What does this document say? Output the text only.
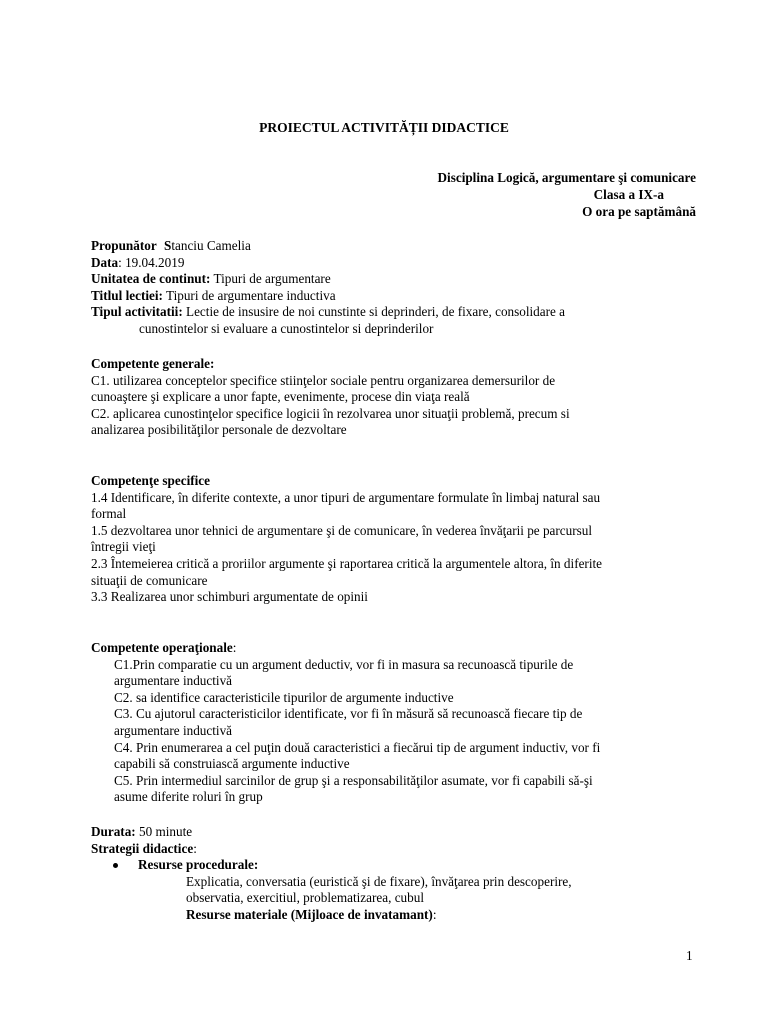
PROIECTUL ACTIVITĂȚII DIDACTICE
Disciplina Logică, argumentare şi comunicare
Clasa a IX-a
O ora pe saptămână
Propunător Stanciu Camelia
Data: 19.04.2019
Unitatea de continut: Tipuri de argumentare
Titlul lectiei: Tipuri de argumentare inductiva
Tipul activitatii: Lectie de insusire de noi cunstinte si deprinderi, de fixare, consolidare a
cunostintelor si evaluare a cunostintelor si deprinderilor
Competente generale:
C1. utilizarea conceptelor specifice stiinţelor sociale pentru organizarea demersurilor de
cunoaştere şi explicare a unor fapte, evenimente, procese din viaţa reală
C2. aplicarea cunostinţelor specifice logicii în rezolvarea unor situaţii problemă, precum si
analizarea posibilităţilor personale de dezvoltare
Competenţe specifice
1.4 Identificare, în diferite contexte, a unor tipuri de argumentare formulate în limbaj natural sau
formal
1.5 dezvoltarea unor tehnici de argumentare şi de comunicare, în vederea învăţarii pe parcursul
întregii vieţi
2.3 Întemeierea critică a proriilor argumente şi raportarea critică la argumentele altora, în diferite
situaţii de comunicare
3.3 Realizarea unor schimburi argumentate de opinii
Competente operaţionale:
C1.Prin comparatie cu un argument deductiv, vor fi in masura sa recunoască tipurile de
argumentare inductivă
C2. sa identifice caracteristicile tipurilor de argumente inductive
C3. Cu ajutorul caracteristicilor identificate, vor fi în măsură să recunoască fiecare tip de
argumentare inductivă
C4. Prin enumerarea a cel puţin două caracteristici a fiecărui tip de argument inductiv, vor fi
capabili să construiască argumente inductive
C5. Prin intermediul sarcinilor de grup şi a responsabilităţilor asumate, vor fi capabili să-şi
asume diferite roluri în grup
Durata: 50 minute
Strategii didactice:
Resurse procedurale:
Explicatia, conversatia (euristică şi de fixare), învăţarea prin descoperire,
observatia, exercitiul, problematizarea, cubul
Resurse materiale (Mijloace de invatamant):
1
